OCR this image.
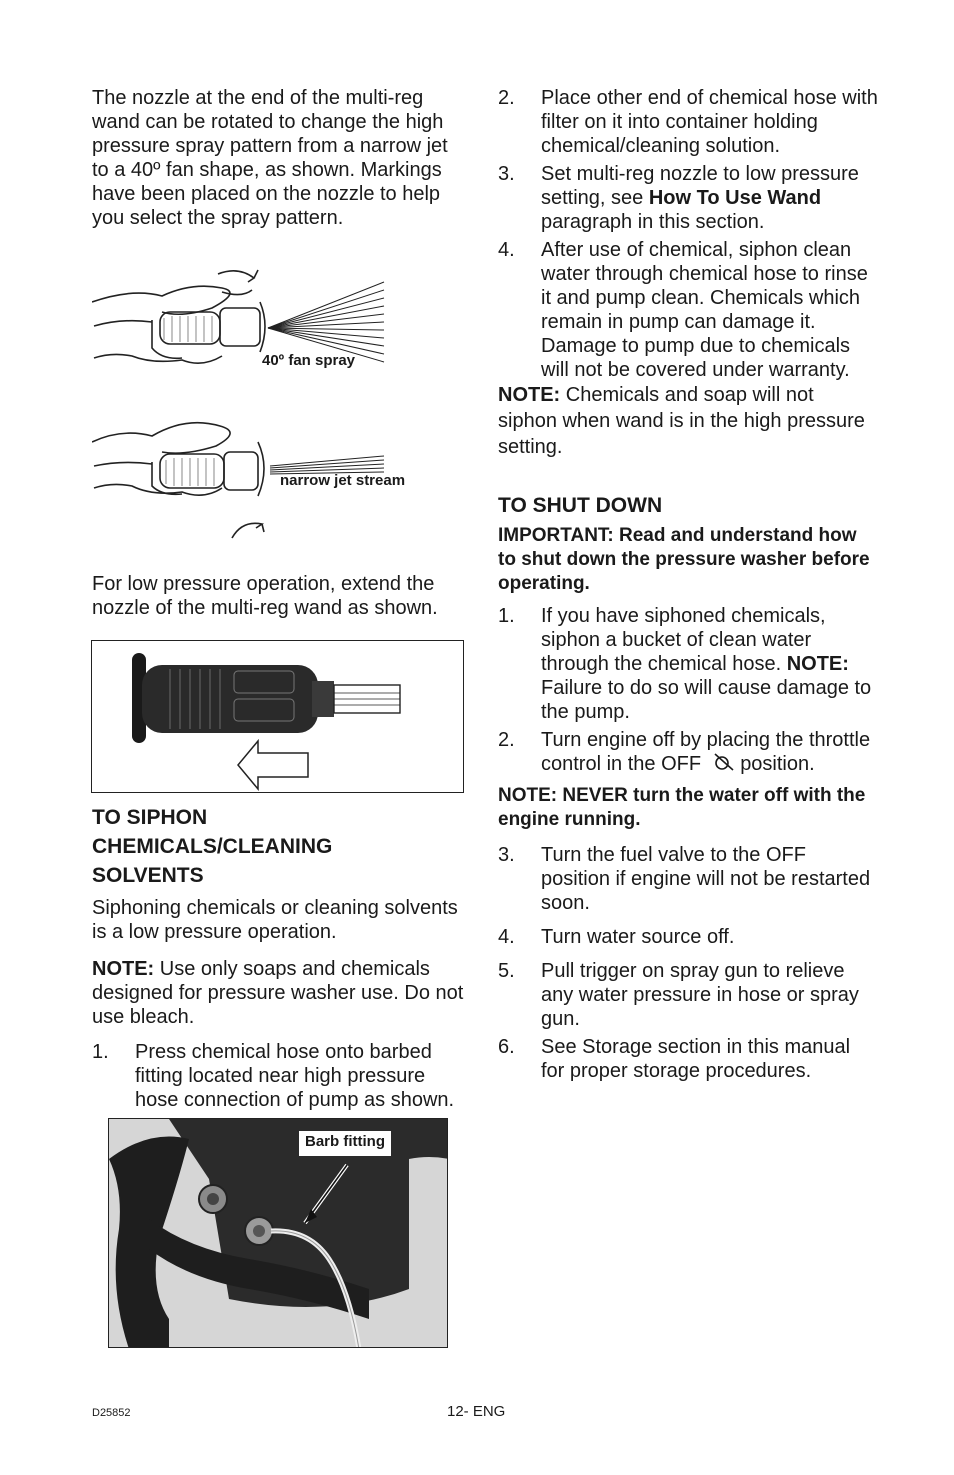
The nozzle at the end of the multi-reg wand can be rotated to change the high pressure spray pattern from a narrow jet to a 40º fan shape, as shown. Markings have been placed on the nozzle to help you select the spray pattern.

40º fan spray
narrow jet stream

For low pressure operation, extend the nozzle of the multi-reg wand as shown.

TO SIPHON CHEMICALS/CLEANING SOLVENTS

Siphoning chemicals or cleaning solvents is a low pressure operation.

NOTE: Use only soaps and chemicals designed for pressure washer use. Do not use bleach.

1. Press chemical hose onto barbed fitting located near high pressure hose connection of pump as shown.
Barb fitting
2. Place other end of chemical hose with filter on it into container holding chemical/cleaning solution.
3. Set multi-reg nozzle to low pressure setting, see How To Use Wand paragraph in this section.
4. After use of chemical, siphon clean water through chemical hose to rinse it and pump clean. Chemicals which remain in pump can damage it. Damage to pump due to chemicals will not be covered under warranty.

NOTE: Chemicals and soap will not siphon when wand is in the high pressure setting.

TO SHUT DOWN

IMPORTANT: Read and understand how to shut down the pressure washer before operating.

1. If you have siphoned chemicals, siphon a bucket of clean water through the chemical hose. NOTE: Failure to do so will cause damage to the pump.
2. Turn engine off by placing the throttle control in the OFF position.

NOTE: NEVER turn the water off with the engine running.

3. Turn the fuel valve to the OFF position if engine will not be restarted soon.
4. Turn water source off.
5. Pull trigger on spray gun to relieve any water pressure in hose or spray gun.
6. See Storage section in this manual for proper storage procedures.
D25852	12- ENG
